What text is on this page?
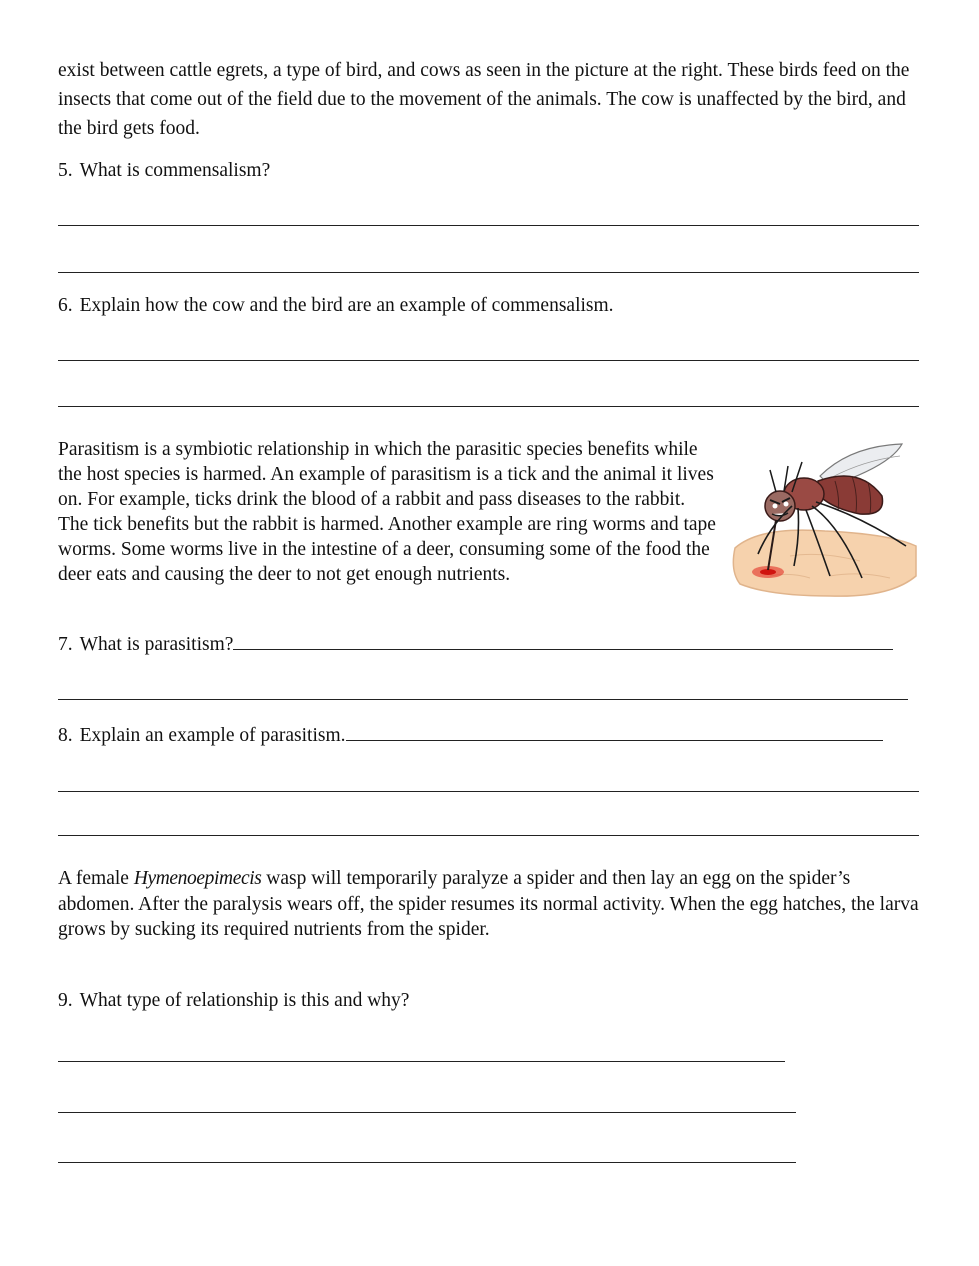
exist between cattle egrets, a type of bird, and cows as seen in the picture at the right. These birds feed on the insects that come out of the field due to the movement of the animals. The cow is unaffected by the bird, and the bird gets food.
5. What is commensalism?
6. Explain how the cow and the bird are an example of commensalism.
Parasitism is a symbiotic relationship in which the parasitic species benefits while the host species is harmed. An example of parasitism is a tick and the animal it lives on. For example, ticks drink the blood of a rabbit and pass diseases to the rabbit. The tick benefits but the rabbit is harmed. Another example are ring worms and tape worms. Some worms live in the intestine of a deer, consuming some of the food the deer eats and causing the deer to not get enough nutrients.
7. What is parasitism?
8. Explain an example of parasitism.
A female Hymenoepimecis wasp will temporarily paralyze a spider and then lay an egg on the spider’s abdomen. After the paralysis wears off, the spider resumes its normal activity. When the egg hatches, the larva grows by sucking its required nutrients from the spider.
9. What type of relationship is this and why?
